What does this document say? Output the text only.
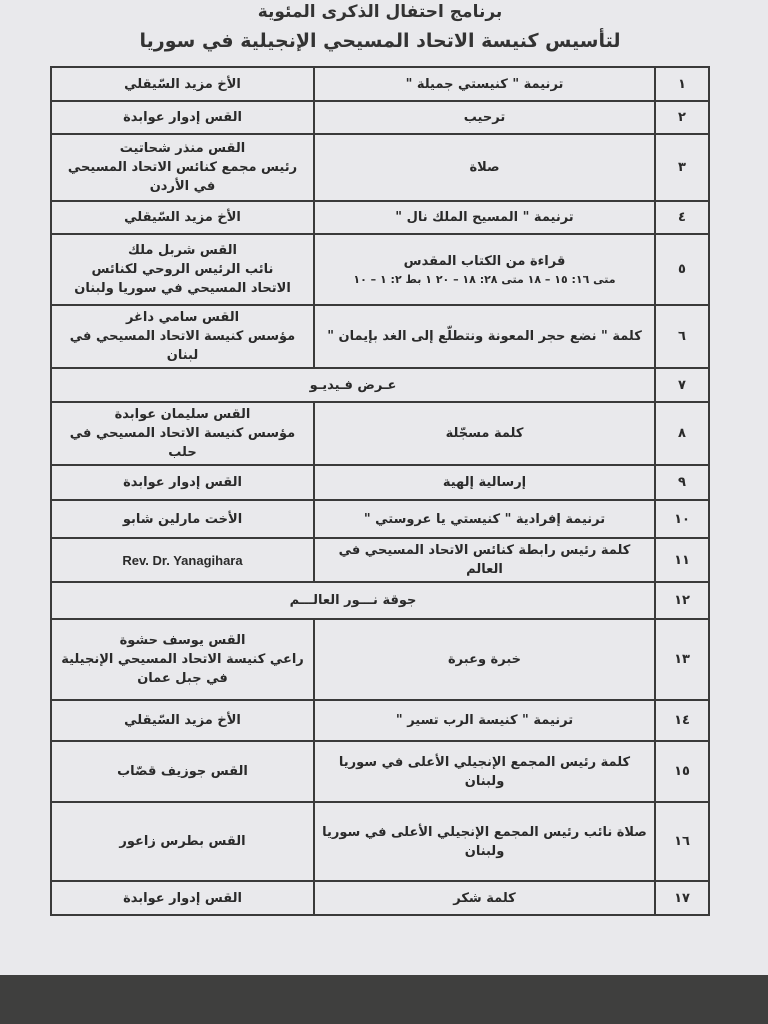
برنامج احتفال الذكرى المئوية
لتأسيس كنيسة الاتحاد المسيحي الإنجيلية في سوريا
١	ترنيمة " كنيستي جميلة "	الأخ مزيد السّيقلي

٢	ترحيب	القس إدوار عوابدة

٣	صلاة	القس منذر شحاتيت
رئيس مجمع كنائس الاتحاد المسيحي
في الأردن

٤	ترنيمة " المسيح الملك نال "	الأخ مزيد السّيقلي

٥	قراءة من الكتاب المقدس
متى ١٦: ١٥ – ١٨ متى ٢٨: ١٨ – ٢٠ ١ بط ٢: ١ – ١٠	القس شربل ملك
نائب الرئيس الروحي لكنائس
الاتحاد المسيحي في سوريا ولبنان

٦	كلمة " نضع حجر المعونة ونتطلّع إلى الغد بإيمان "	القس سامي داغر
مؤسس كنيسة الاتحاد المسيحي في لبنان

٧	عـرض فـيديـو	
٨	كلمة مسجّلة	القس سليمان عوابدة
مؤسس كنيسة الاتحاد المسيحي في حلب

٩	إرسالية إلهية	القس إدوار عوابدة

١٠	ترنيمة إفرادية " كنيستي يا عروستي "	الأخت مارلين شابو

١١	كلمة رئيس رابطة كنائس الاتحاد المسيحي في العالم	Rev. Dr. Yanagihara

١٢	جوقة نـــور العالـــم	
١٣	خبرة وعبرة	القس يوسف حشوة
راعي كنيسة الاتحاد المسيحي الإنجيلية
في جبل عمان

١٤	ترنيمة " كنيسة الرب تسير "	الأخ مزيد السّيقلي

١٥	كلمة رئيس المجمع الإنجيلي الأعلى في سوريا ولبنان	القس جوزيف قصّاب

١٦	صلاة نائب رئيس المجمع الإنجيلي الأعلى في سوريا ولبنان	القس بطرس زاعور

١٧	كلمة شكر	القس إدوار عوابدة
